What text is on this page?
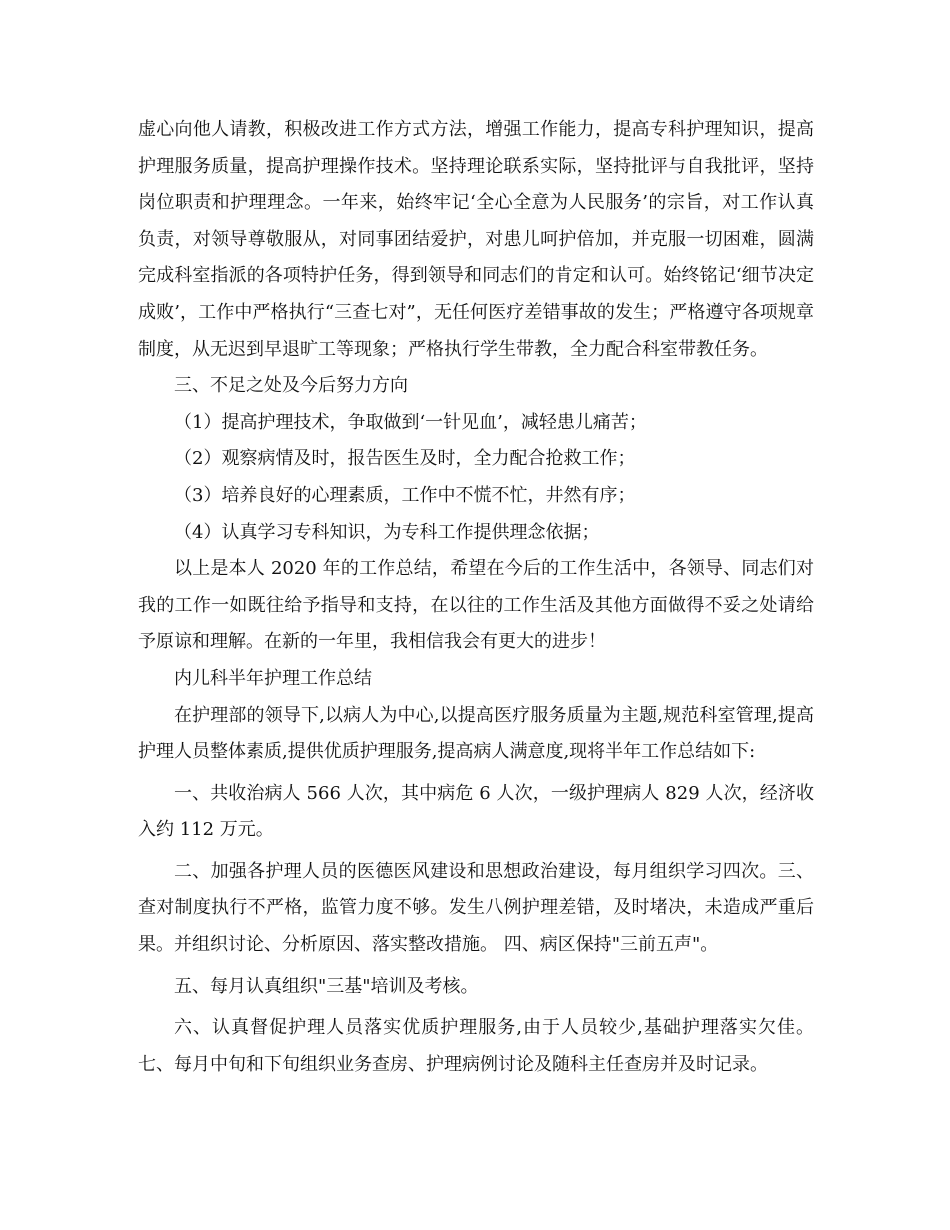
虚心向他人请教，积极改进工作方式方法，增强工作能力，提高专科护理知识，提高护理服务质量，提高护理操作技术。坚持理论联系实际，坚持批评与自我批评，坚持岗位职责和护理理念。一年来，始终牢记‘全心全意为人民服务’的宗旨，对工作认真负责，对领导尊敬服从，对同事团结爱护，对患儿呵护倍加，并克服一切困难，圆满完成科室指派的各项特护任务，得到领导和同志们的肯定和认可。始终铭记‘细节决定成败’，工作中严格执行“三查七对”，无任何医疗差错事故的发生；严格遵守各项规章制度，从无迟到早退旷工等现象；严格执行学生带教，全力配合科室带教任务。

三、不足之处及今后努力方向

（1）提高护理技术，争取做到‘一针见血’，减轻患儿痛苦；

（2）观察病情及时，报告医生及时，全力配合抢救工作；

（3）培养良好的心理素质，工作中不慌不忙，井然有序；

（4）认真学习专科知识，为专科工作提供理念依据；

以上是本人 2020 年的工作总结，希望在今后的工作生活中，各领导、同志们对我的工作一如既往给予指导和支持，在以往的工作生活及其他方面做得不妥之处请给予原谅和理解。在新的一年里，我相信我会有更大的进步！

内儿科半年护理工作总结

在护理部的领导下,以病人为中心,以提高医疗服务质量为主题,规范科室管理,提高护理人员整体素质,提供优质护理服务,提高病人满意度,现将半年工作总结如下:

一、共收治病人 566 人次，其中病危 6 人次，一级护理病人 829 人次，经济收入约 112 万元。

二、加强各护理人员的医德医风建设和思想政治建设，每月组织学习四次。三、查对制度执行不严格，监管力度不够。发生八例护理差错，及时堵决，未造成严重后果。并组织讨论、分析原因、落实整改措施。 四、病区保持"三前五声"。

五、每月认真组织"三基"培训及考核。

六、认真督促护理人员落实优质护理服务,由于人员较少,基础护理落实欠佳。七、每月中旬和下旬组织业务查房、护理病例讨论及随科主任查房并及时记录。
